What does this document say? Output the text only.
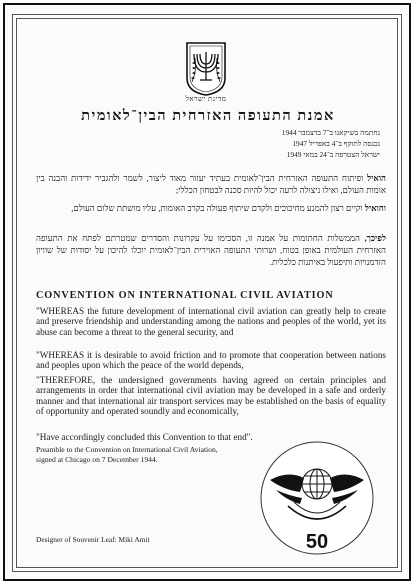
מדינת ישראל
אמנת התעופה האזרחית הבין־לאומית
נחתמה בשיקאגו ב־7 בדצמבר 1944
נכנסה לתוקף ב־4 באפריל 1947
ישראל הצטרפה ב־24 במאי 1949
הואיל ופיתוח התעופה האזרחית הבין־לאומית בעתיד יעזור מאוד ליצור, לשמר ולהגביר ידידות והבנה בין אומות העולם, ואילו ניצולה לרעה יכול להיות סכנה לבטחון הכללי;
והואיל וקיים רצון להמנע מחיכוכים ולקדם שיתוף פעולה בקרב האומות, עליו מושתת שלום העולם,
לפיכך, הממשלות החתומות על אמנה זו, הסכימו על עקרונות והסדרים שמטרתם לפתח את התעופה האזרחית העולמית באופן בטוח, ושרותי התעופה האוירית הבין־לאומית יוכלו להיכון על יסודות של שוויון הזדמנויות ותיפעול באיתנות כלכלית.
CONVENTION ON INTERNATIONAL CIVIL AVIATION
"WHEREAS the future development of international civil aviation can greatly help to create and preserve friendship and understanding among the nations and peoples of the world, yet its abuse can become a threat to the general security, and
"WHEREAS it is desirable to avoid friction and to promote that cooperation between nations and peoples upon which the peace of the world depends,
"THEREFORE, the undersigned governments having agreed on certain principles and arrangements in order that international civil aviation may be developed in a safe and orderly manner and that international air transport services may be established on the basis of equality of opportunity and operated soundly and economically,
"Have accordingly concluded this Convention to that end".
Preamble to the Convention on International Civil Aviation,
signed at Chicago on 7 December 1944.
Designer of Souvenir Leaf: Miki Amit	50
